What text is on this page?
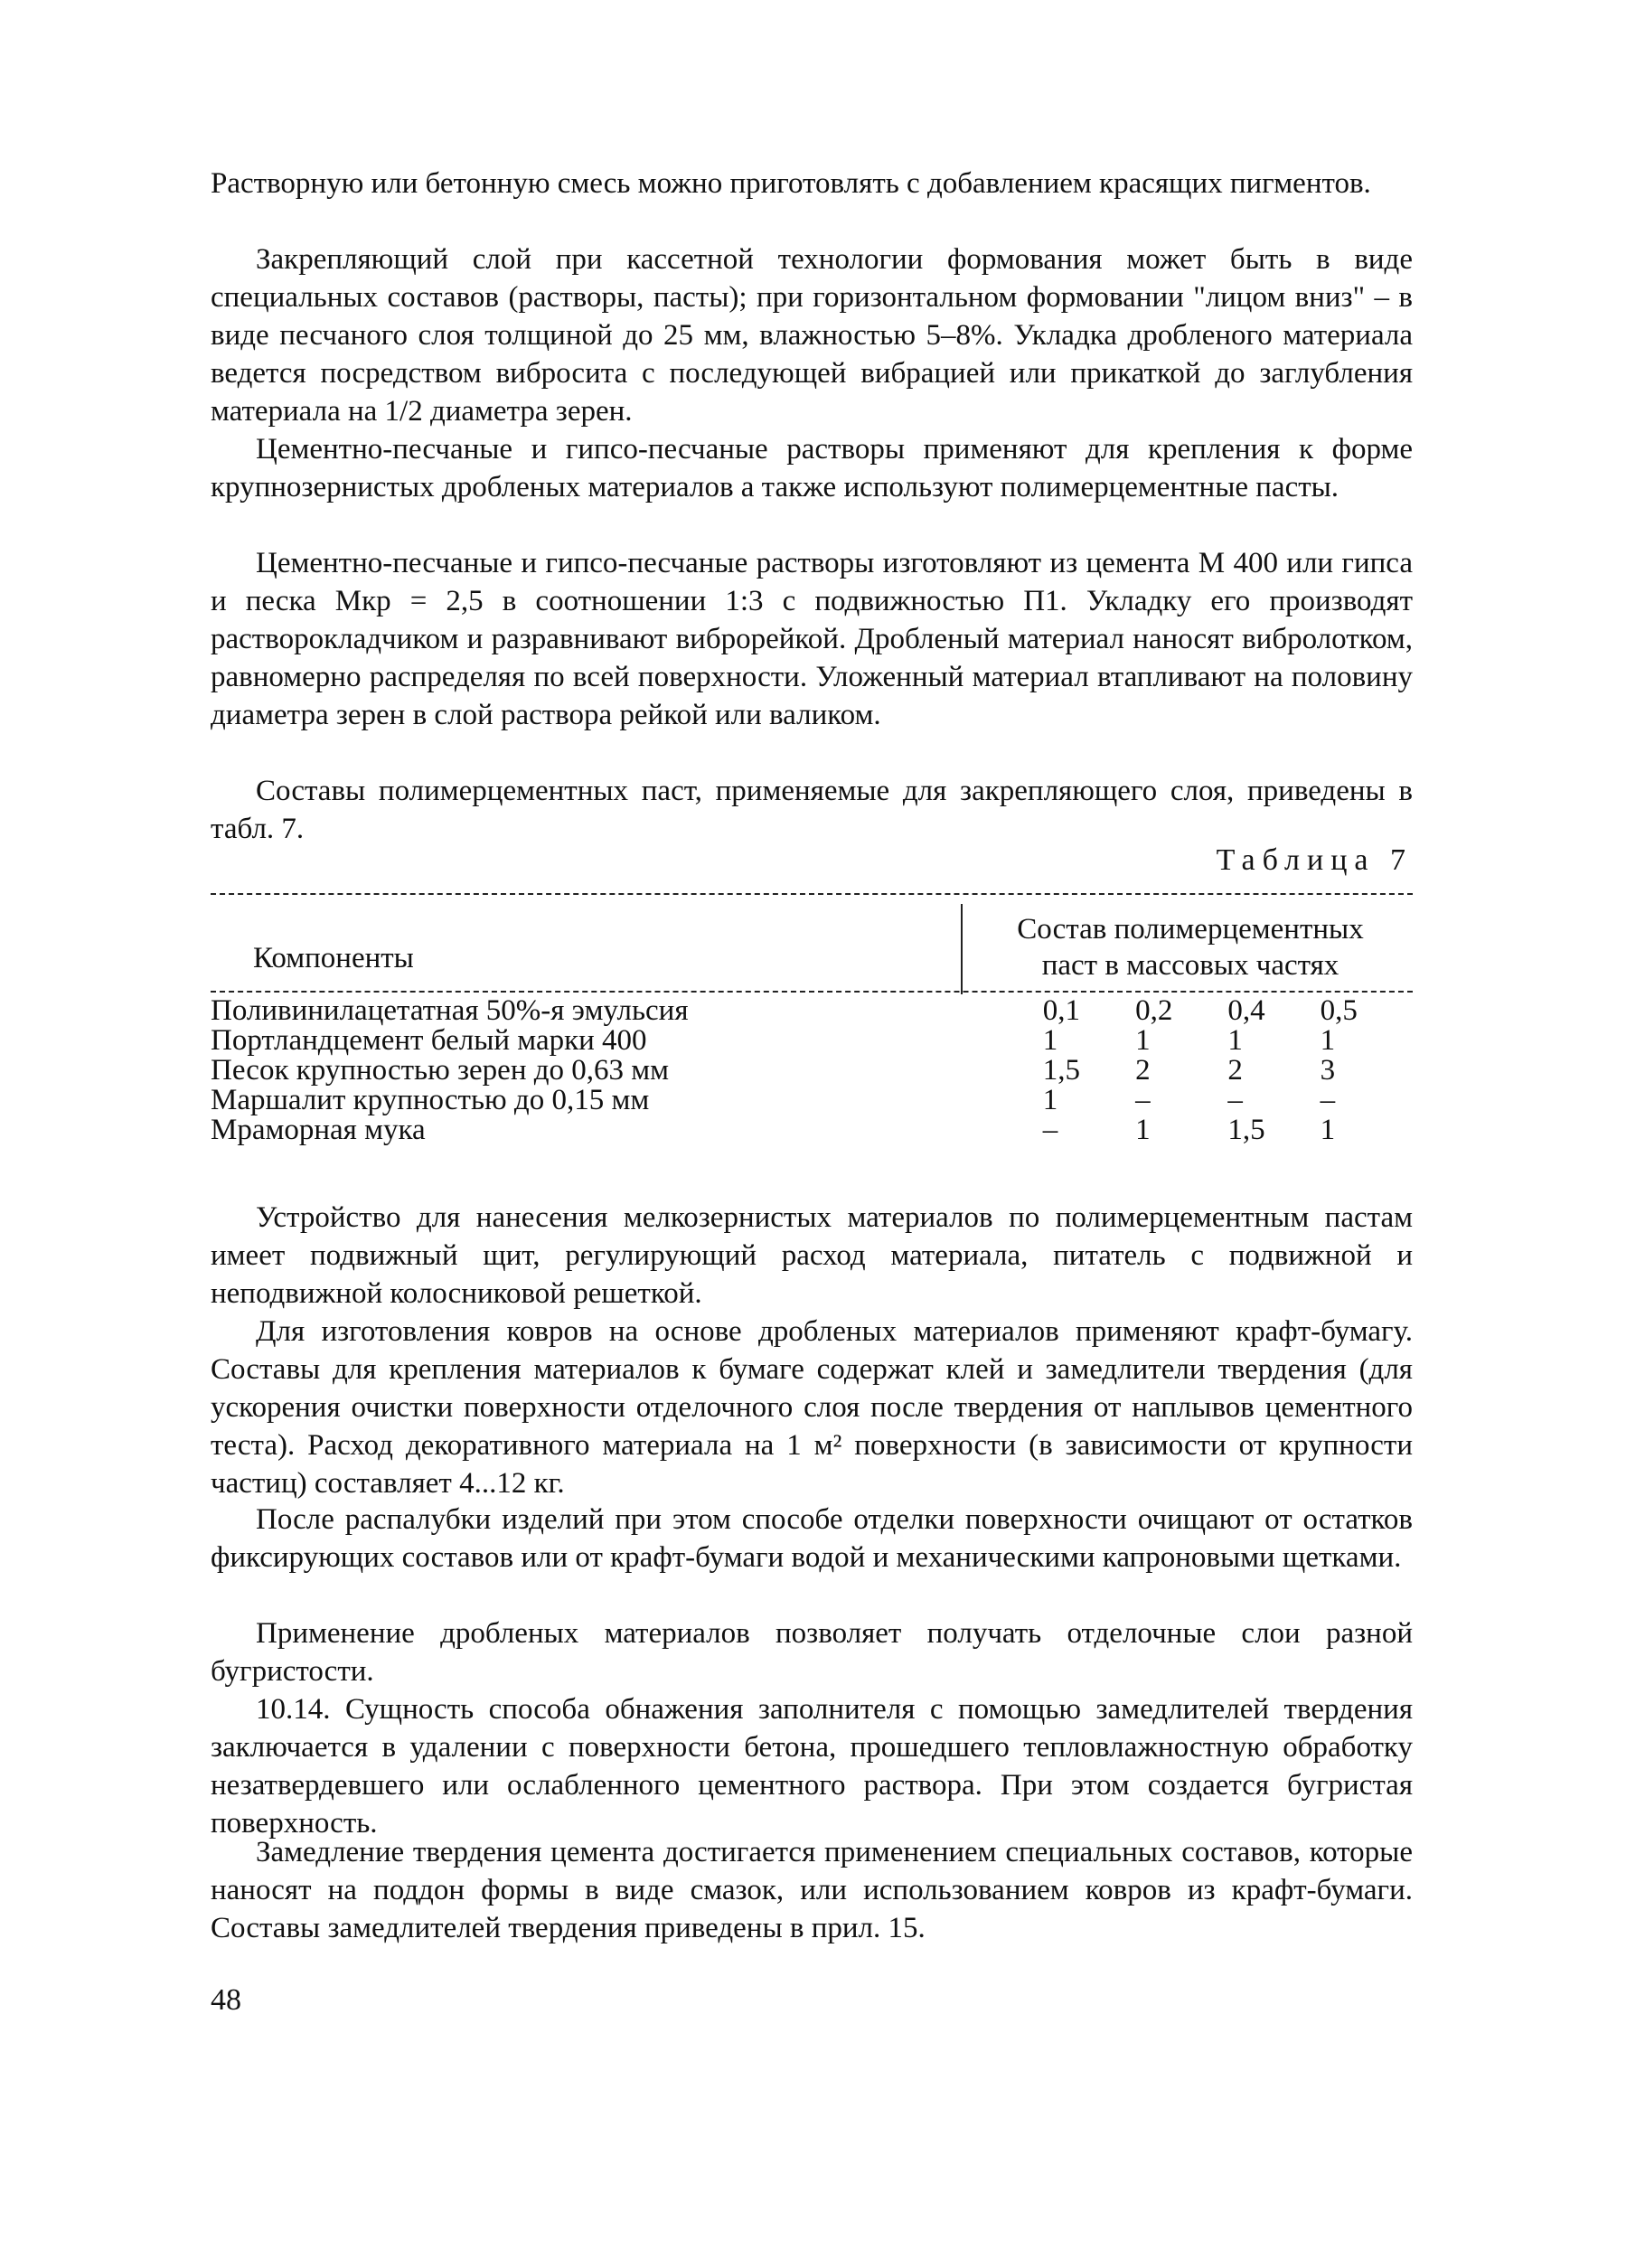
Растворную или бетонную смесь можно приготовлять с добавлением красящих пигментов.

Закрепляющий слой при кассетной технологии формования может быть в виде специальных составов (растворы, пасты); при горизонтальном формовании "лицом вниз" – в виде песчаного слоя толщиной до 25 мм, влажностью 5–8%. Укладка дробленого материала ведется посредством вибросита с последующей вибрацией или прикаткой до заглубления материала на 1/2 диаметра зерен.

Цементно-песчаные и гипсо-песчаные растворы применяют для крепления к форме крупнозернистых дробленых материалов а также используют полимерцементные пасты.

Цементно-песчаные и гипсо-песчаные растворы изготовляют из цемента М 400 или гипса и песка Мкр = 2,5 в соотношении 1:3 с подвижностью П1. Укладку его производят растворокладчиком и разравнивают виброрейкой. Дробленый материал наносят вибролотком, равномерно распределяя по всей поверхности. Уложенный материал втапливают на половину диаметра зерен в слой раствора рейкой или валиком.

Составы полимерцементных паст, применяемые для закрепляющего слоя, приведены в табл. 7.

Таблица 7
Компоненты
Состав полимерцементных
паст в массовых частях
Поливинилацетатная 50%-я эмульсия	0,1	0,2	0,4	0,5
Портландцемент белый марки 400	1	1	1	1
Песок крупностью зерен до 0,63 мм	1,5	2	2	3
Маршалит крупностью до 0,15 мм	1	–	–	–
Мраморная мука	–	1	1,5	1

Устройство для нанесения мелкозернистых материалов по полимерцементным пастам имеет подвижный щит, регулирующий расход материала, питатель с подвижной и неподвижной колосниковой решеткой.

Для изготовления ковров на основе дробленых материалов применяют крафт-бумагу. Составы для крепления материалов к бумаге содержат клей и замедлители твердения (для ускорения очистки поверхности отделочного слоя после твердения от наплывов цементного теста). Расход декоративного материала на 1 м² поверхности (в зависимости от крупности частиц) составляет 4...12 кг.

После распалубки изделий при этом способе отделки поверхности очищают от остатков фиксирующих составов или от крафт-бумаги водой и механическими капроновыми щетками.

Применение дробленых материалов позволяет получать отделочные слои разной бугристости.

10.14. Сущность способа обнажения заполнителя с помощью замедлителей твердения заключается в удалении с поверхности бетона, прошедшего тепловлажностную обработку незатвердевшего или ослабленного цементного раствора. При этом создается бугристая поверхность.

Замедление твердения цемента достигается применением специальных составов, которые наносят на поддон формы в виде смазок, или использованием ковров из крафт-бумаги. Составы замедлителей твердения приведены в прил. 15.

48
